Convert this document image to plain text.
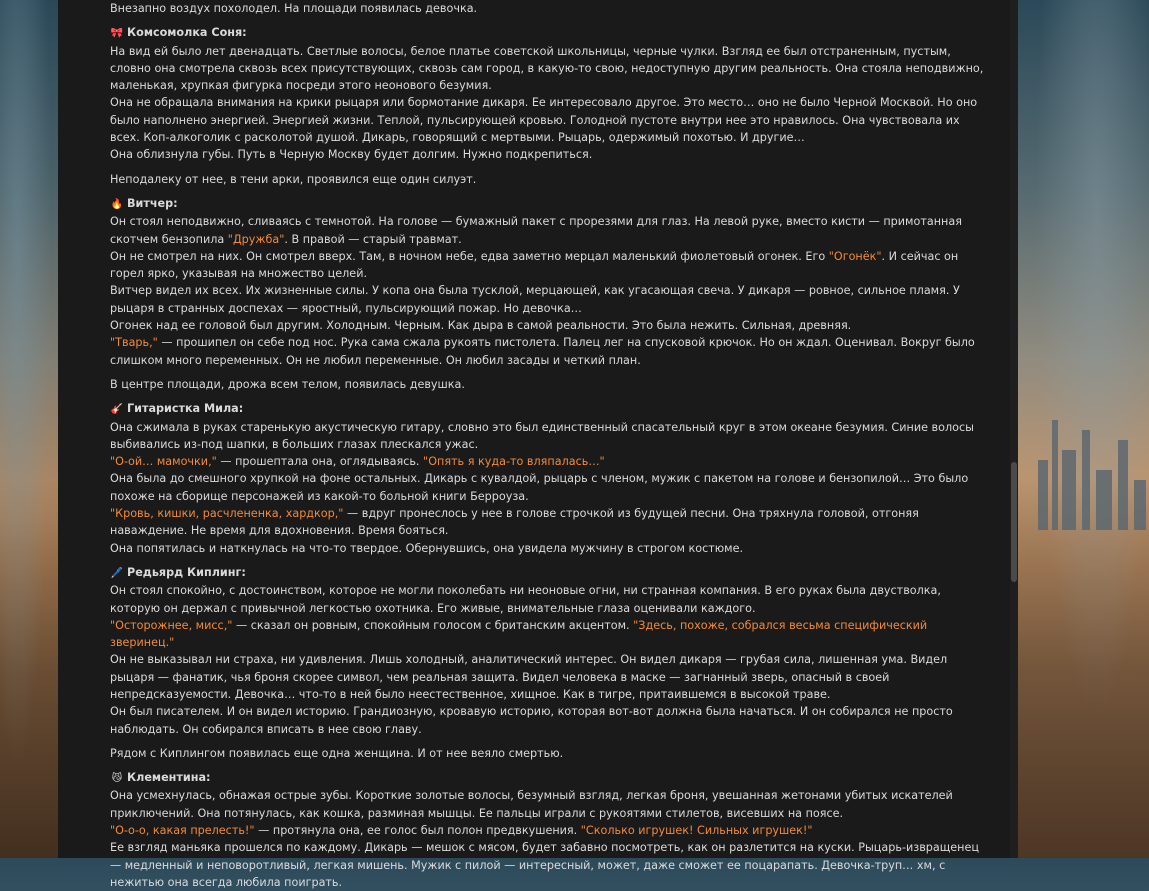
Внезапно воздух похолодел. На площади появилась девочка.

🎀 Комсомолка Соня:

На вид ей было лет двенадцать. Светлые волосы, белое платье советской школьницы, черные чулки. Взгляд ее был отстраненным, пустым, словно она смотрела сквозь всех присутствующих, сквозь сам город, в какую-то свою, недоступную другим реальность. Она стояла неподвижно, маленькая, хрупкая фигурка посреди этого неонового безумия.

Она не обращала внимания на крики рыцаря или бормотание дикаря. Ее интересовало другое. Это место… оно не было Черной Москвой. Но оно было наполнено энергией. Энергией жизни. Теплой, пульсирующей кровью. Голодной пустоте внутри нее это нравилось. Она чувствовала их всех. Коп-алкоголик с расколотой душой. Дикарь, говорящий с мертвыми. Рыцарь, одержимый похотью. И другие…

Она облизнула губы. Путь в Черную Москву будет долгим. Нужно подкрепиться.

Неподалеку от нее, в тени арки, проявился еще один силуэт.

🔥 Витчер:

Он стоял неподвижно, сливаясь с темнотой. На голове — бумажный пакет с прорезями для глаз. На левой руке, вместо кисти — примотанная скотчем бензопила "Дружба". В правой — старый травмат.

Он не смотрел на них. Он смотрел вверх. Там, в ночном небе, едва заметно мерцал маленький фиолетовый огонек. Его "Огонёк". И сейчас он горел ярко, указывая на множество целей.

Витчер видел их всех. Их жизненные силы. У копа она была тусклой, мерцающей, как угасающая свеча. У дикаря — ровное, сильное пламя. У рыцаря в странных доспехах — яростный, пульсирующий пожар. Но девочка…

Огонек над ее головой был другим. Холодным. Черным. Как дыра в самой реальности. Это была нежить. Сильная, древняя.

"Тварь," — прошипел он себе под нос. Рука сама сжала рукоять пистолета. Палец лег на спусковой крючок. Но он ждал. Оценивал. Вокруг было слишком много переменных. Он не любил переменные. Он любил засады и четкий план.

В центре площади, дрожа всем телом, появилась девушка.

🎸 Гитаристка Мила:

Она сжимала в руках старенькую акустическую гитару, словно это был единственный спасательный круг в этом океане безумия. Синие волосы выбивались из-под шапки, в больших глазах плескался ужас.

"О-ой… мамочки," — прошептала она, оглядываясь. "Опять я куда-то вляпалась…"

Она была до смешного хрупкой на фоне остальных. Дикарь с кувалдой, рыцарь с членом, мужик с пакетом на голове и бензопилой… Это было похоже на сборище персонажей из какой-то больной книги Берроуза.

"Кровь, кишки, расчлененка, хардкор," — вдруг пронеслось у нее в голове строчкой из будущей песни. Она тряхнула головой, отгоняя наваждение. Не время для вдохновения. Время бояться.

Она попятилась и наткнулась на что-то твердое. Обернувшись, она увидела мужчину в строгом костюме.

🖊️ Редьярд Киплинг:

Он стоял спокойно, с достоинством, которое не могли поколебать ни неоновые огни, ни странная компания. В его руках была двустволка, которую он держал с привычной легкостью охотника. Его живые, внимательные глаза оценивали каждого.

"Осторожнее, мисс," — сказал он ровным, спокойным голосом с британским акцентом. "Здесь, похоже, собрался весьма специфический зверинец."

Он не выказывал ни страха, ни удивления. Лишь холодный, аналитический интерес. Он видел дикаря — грубая сила, лишенная ума. Видел рыцаря — фанатик, чья броня скорее символ, чем реальная защита. Видел человека в маске — загнанный зверь, опасный в своей непредсказуемости. Девочка… что-то в ней было неестественное, хищное. Как в тигре, притаившемся в высокой траве.

Он был писателем. И он видел историю. Грандиозную, кровавую историю, которая вот-вот должна была начаться. И он собирался не просто наблюдать. Он собирался вписать в нее свою главу.

Рядом с Киплингом появилась еще одна женщина. И от нее веяло смертью.

😼 Клементина:

Она усмехнулась, обнажая острые зубы. Короткие золотые волосы, безумный взгляд, легкая броня, увешанная жетонами убитых искателей приключений. Она потянулась, как кошка, разминая мышцы. Ее пальцы играли с рукоятями стилетов, висевших на поясе.

"О-о-о, какая прелесть!" — протянула она, ее голос был полон предвкушения. "Сколько игрушек! Сильных игрушек!"

Ее взгляд маньяка прошелся по каждому. Дикарь — мешок с мясом, будет забавно посмотреть, как он разлетится на куски. Рыцарь-извращенец — медленный и неповоротливый, легкая мишень. Мужик с пилой — интересный, может, даже сможет ее поцарапать. Девочка-труп… хм, с нежитью она всегда любила поиграть.
